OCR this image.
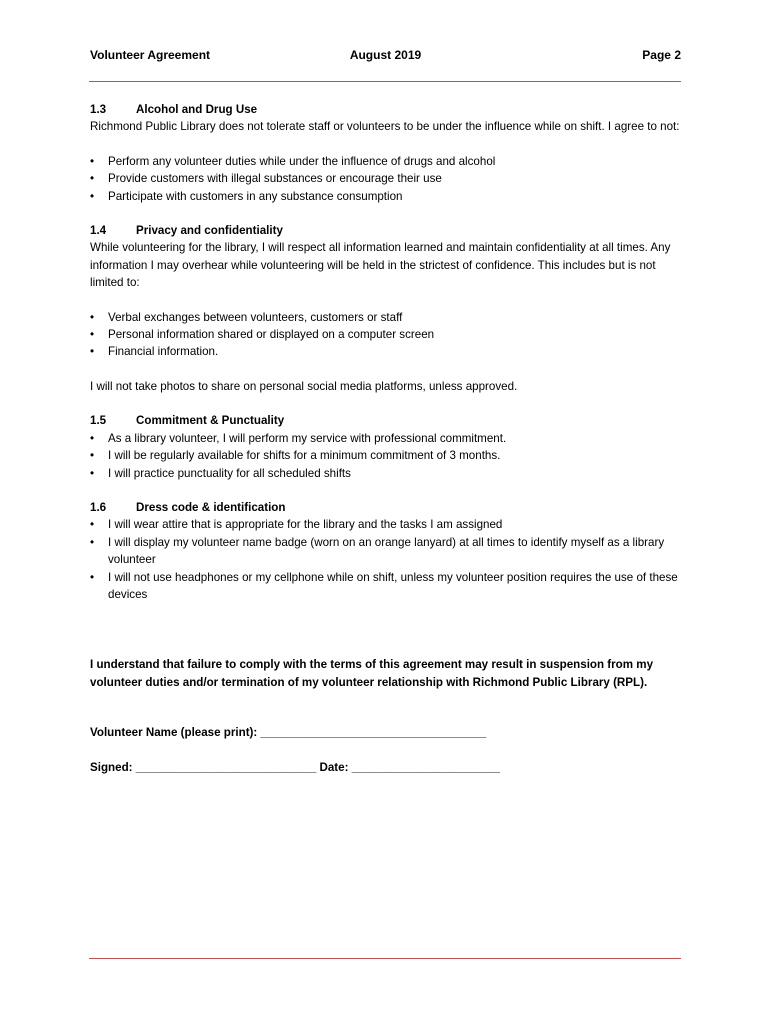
Volunteer Agreement	August 2019	Page 2

1.3	Alcohol and Drug Use

Richmond Public Library does not tolerate staff or volunteers to be under the influence while on shift. I agree to not:

• Perform any volunteer duties while under the influence of drugs and alcohol
• Provide customers with illegal substances or encourage their use
• Participate with customers in any substance consumption

1.4	Privacy and confidentiality

While volunteering for the library, I will respect all information learned and maintain confidentiality at all times. Any information I may overhear while volunteering will be held in the strictest of confidence. This includes but is not limited to:

• Verbal exchanges between volunteers, customers or staff
• Personal information shared or displayed on a computer screen
• Financial information.

I will not take photos to share on personal social media platforms, unless approved.

1.5	Commitment & Punctuality

• As a library volunteer, I will perform my service with professional commitment.
• I will be regularly available for shifts for a minimum commitment of 3 months.
• I will practice punctuality for all scheduled shifts

1.6	Dress code & identification

• I will wear attire that is appropriate for the library and the tasks I am assigned
• I will display my volunteer name badge (worn on an orange lanyard) at all times to identify myself as a library volunteer
• I will not use headphones or my cellphone while on shift, unless my volunteer position requires the use of these devices

I understand that failure to comply with the terms of this agreement may result in suspension from my volunteer duties and/or termination of my volunteer relationship with Richmond Public Library (RPL).

Volunteer Name (please print): ___________________________________

Signed: ____________________________ Date: _______________________
